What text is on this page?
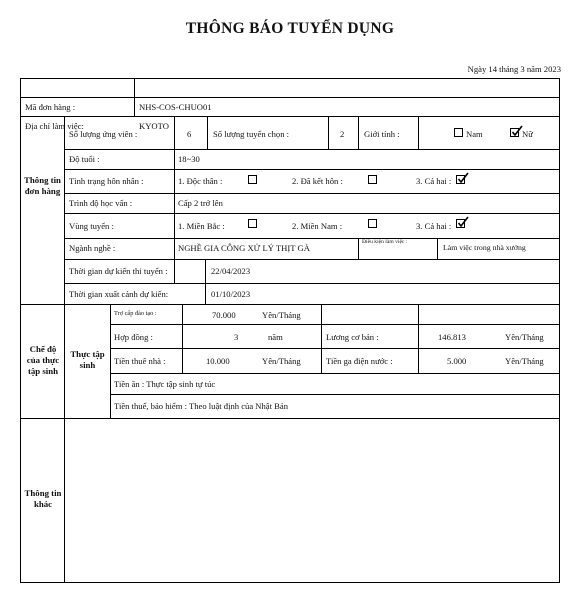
THÔNG BÁO TUYỂN DỤNG
Ngày 14 tháng 3 năm 2023
Mã đơn hàng :	NHS-COS-CHUO01
Địa chỉ làm việc:	KYOTO
Thông tin đơn hàng
Số lượng ứng viên :	6	Số lượng tuyển chọn :	2 Giới tính :	Nam	Nữ
Độ tuổi :	18~30
Tình trạng hôn nhân :	1. Độc thân :	2. Đã kết hôn :	3. Cả hai :
Trình độ học vấn :	Cấp 2 trở lên
Vùng tuyển :	1. Miền Bắc :	2. Miền Nam :	3. Cả hai :
Ngành nghề :	NGHỀ GIA CÔNG XỬ LÝ THỊT GÀ
Điều kiện làm việc :
Làm việc trong nhà xưởng
Thời gian dự kiến thi tuyển :	22/04/2023
Thời gian xuất cảnh dự kiến:	01/10/2023
Chế độ của thực tập sinh
Thực tập sinh
Trợ cấp đào tạo :	70.000	Yên/Tháng
Hợp đồng :	3	năm	Lương cơ bản :	146.813	Yên/Tháng
Tiền thuê nhà :	10.000	Yên/Tháng	Tiền ga điện nước :	5.000	Yên/Tháng
Tiền ăn : Thực tập sinh tự túc
Tiền thuế, bảo hiểm : Theo luật định của Nhật Bản
Thông tin khác
